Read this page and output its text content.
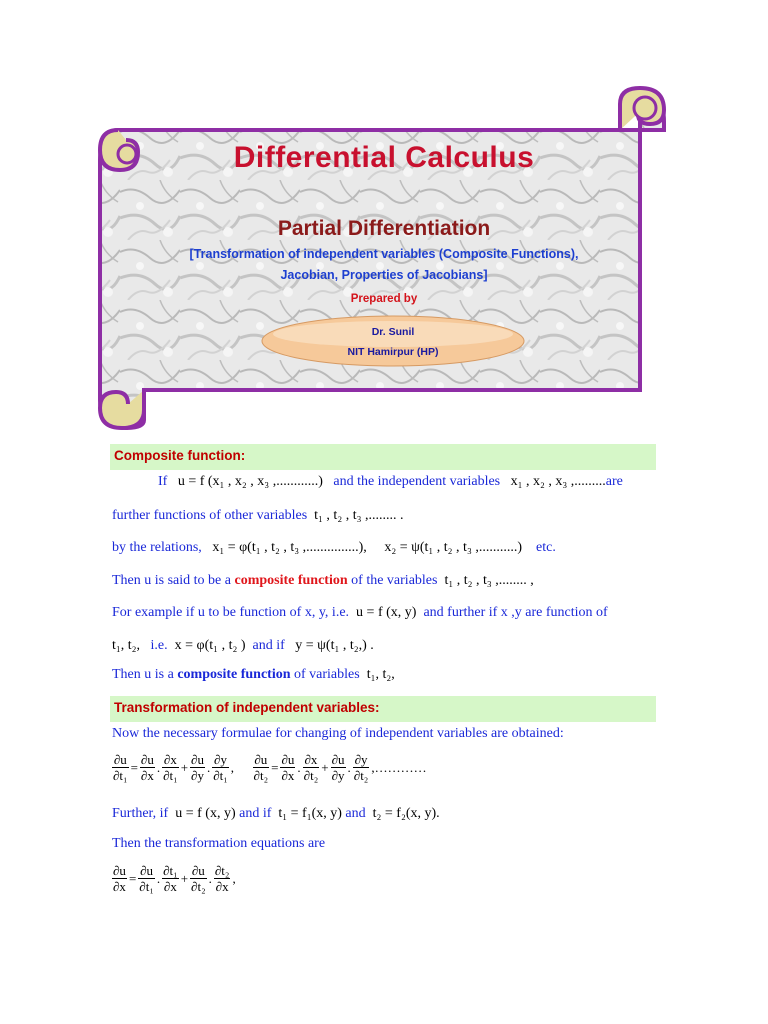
Differential Calculus
Partial Differentiation
[Transformation of independent variables (Composite Functions),
Jacobian, Properties of Jacobians]
Prepared by
Dr. Sunil
NIT Hamirpur (HP)
Composite function:
If u = f (x₁ , x₂ , x₃ ,............) and the independent variables x₁ , x₂ , x₃ ,.........are
further functions of other variables t₁ , t₂ , t₃ ,........ .
by the relations, x₁ = φ(t₁ , t₂ , t₃ ,...............), x₂ = ψ(t₁ , t₂ , t₃ ,...........) etc.
Then u is said to be a composite function of the variables t₁ , t₂ , t₃ ,........ ,
For example if u to be function of x, y, i.e. u = f (x, y) and further if x ,y are function of
t₁, t₂, i.e. x = φ(t₁ , t₂ ) and if y = ψ(t₁ , t₂,) .
Then u is a composite function of variables t₁, t₂,
Transformation of independent variables:
Now the necessary formulae for changing of independent variables are obtained:
$\frac{\partial u}{\text{∂t₁}} = \frac{\partial u}{\partial x}$ . $\frac{\partial x}{\text{∂t₁}} + \frac{\partial u}{\partial y}$ . $\frac{\partial y}{\text{∂t₁}}$ , $\frac{\partial u}{\text{∂t₂}} = \frac{\partial u}{\partial x}$ . $\frac{\partial x}{\text{∂t₂}} + \frac{\partial u}{\partial y}$ . $\frac{\partial y}{\text{∂t₂}}$ ,…………
Further, if u = f (x, y) and if t₁ = f₁(x, y) and t₂ = f₂(x, y).
Then the transformation equations are
$\frac{\partial u}{\partial x} = \frac{\partial u}{\text{∂t₁}}$ . $\frac{\text{∂t₁}}{\partial x} + \frac{\partial u}{\text{∂t₂}}$ . $\frac{\text{∂t₂}}{\partial x}$ ,
